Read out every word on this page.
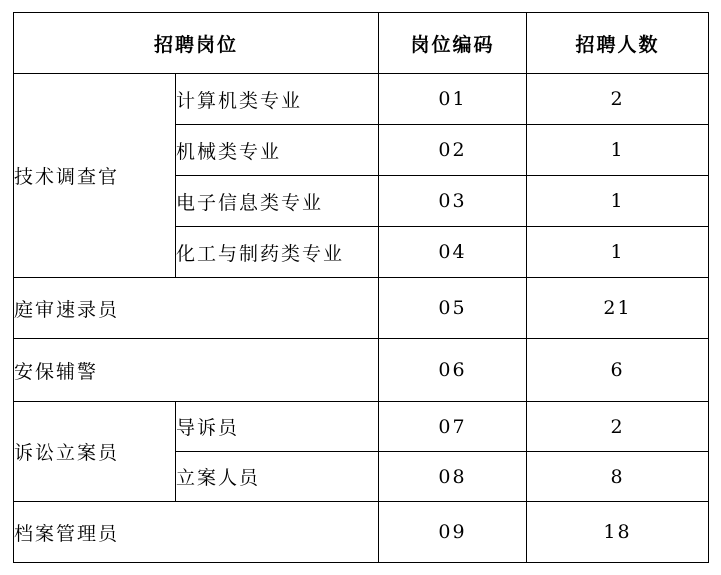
招聘岗位		岗位编码	招聘人数
技术调查官	计算机类专业	01	2
	机械类专业	02	1
	电子信息类专业	03	1
	化工与制药类专业	04	1
庭审速录员		05	21
安保辅警		06	6
诉讼立案员	导诉员	07	2
	立案人员	08	8
档案管理员		09	18
